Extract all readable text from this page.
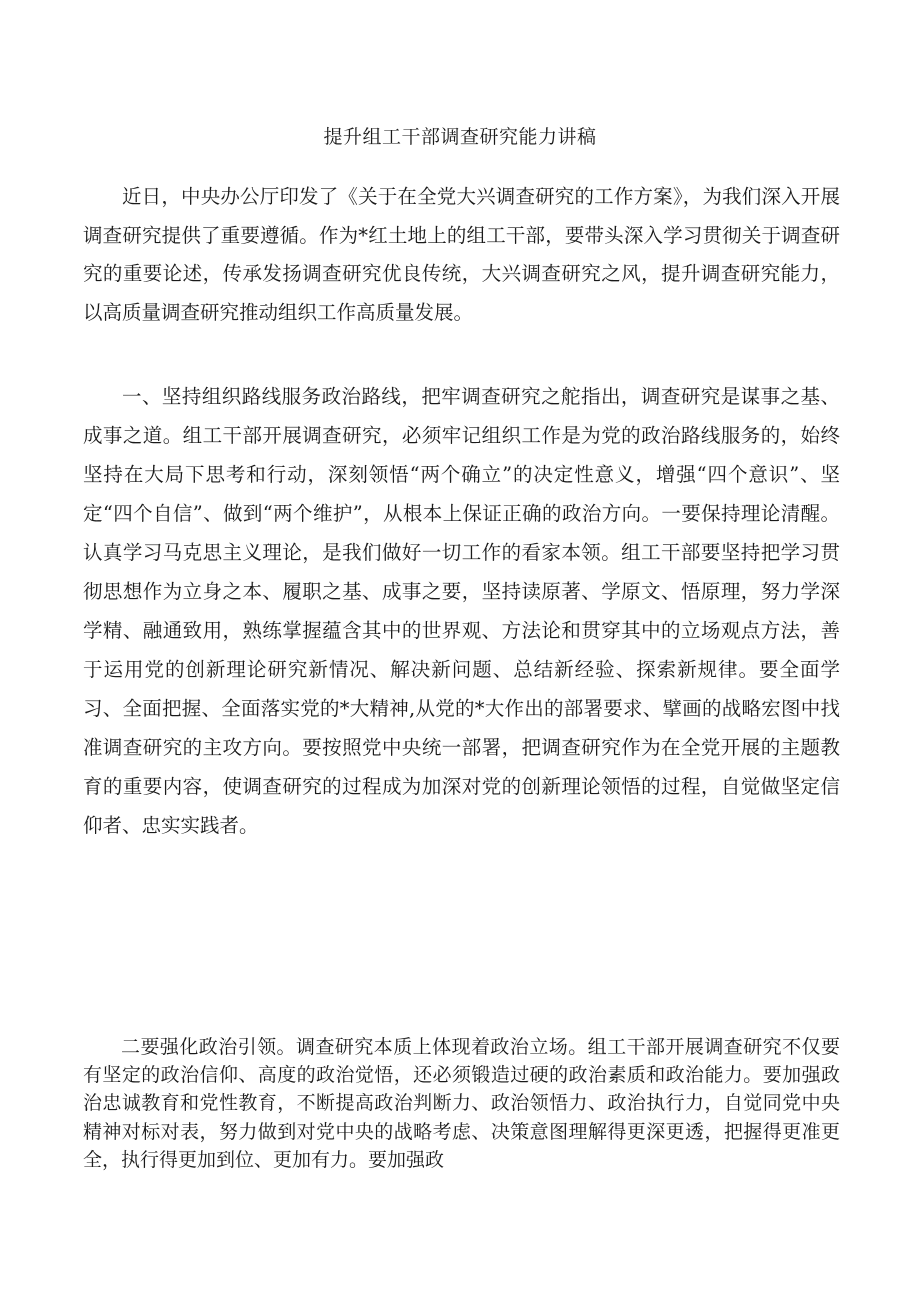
提升组工干部调查研究能力讲稿

近日，中央办公厅印发了《关于在全党大兴调查研究的工作方案》，为我们深入开展调查研究提供了重要遵循。作为*红土地上的组工干部，要带头深入学习贯彻关于调查研究的重要论述，传承发扬调查研究优良传统，大兴调查研究之风，提升调查研究能力，以高质量调查研究推动组织工作高质量发展。

一、坚持组织路线服务政治路线，把牢调查研究之舵指出，调查研究是谋事之基、成事之道。组工干部开展调查研究，必须牢记组织工作是为党的政治路线服务的，始终坚持在大局下思考和行动，深刻领悟“两个确立”的决定性意义，增强“四个意识”、坚定“四个自信”、做到“两个维护”，从根本上保证正确的政治方向。一要保持理论清醒。认真学习马克思主义理论，是我们做好一切工作的看家本领。组工干部要坚持把学习贯彻思想作为立身之本、履职之基、成事之要，坚持读原著、学原文、悟原理，努力学深学精、融通致用，熟练掌握蕴含其中的世界观、方法论和贯穿其中的立场观点方法，善于运用党的创新理论研究新情况、解决新问题、总结新经验、探索新规律。要全面学习、全面把握、全面落实党的*大精神,从党的*大作出的部署要求、擘画的战略宏图中找准调查研究的主攻方向。要按照党中央统一部署，把调查研究作为在全党开展的主题教育的重要内容，使调查研究的过程成为加深对党的创新理论领悟的过程，自觉做坚定信仰者、忠实实践者。

二要强化政治引领。调查研究本质上体现着政治立场。组工干部开展调查研究不仅要有坚定的政治信仰、高度的政治觉悟，还必须锻造过硬的政治素质和政治能力。要加强政治忠诚教育和党性教育，不断提高政治判断力、政治领悟力、政治执行力，自觉同党中央精神对标对表，努力做到对党中央的战略考虑、决策意图理解得更深更透，把握得更准更全，执行得更加到位、更加有力。要加强政
